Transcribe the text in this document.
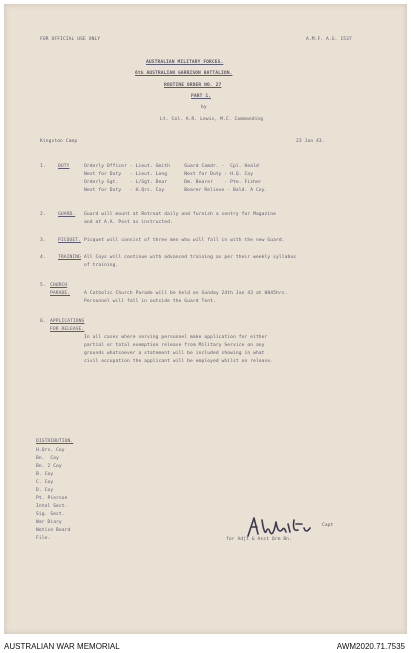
FOR OFFICIAL USE ONLY	A.M.F. A.G. 1537
AUSTRALIAN MILITARY FORCES.
6th AUSTRALIAN GARRISON BATTALION.
ROUTINE ORDER NO. 27
PART 1.
by
Lt. Col. A.R. Lewis, M.C. Commanding
Kingston Camp	23 Jan 43.
1.	DUTY	Orderly Officer - Lieut. Smith     Guard Comdr. -  Cpl. Heald
Next for Duty   - Lieut. Long      Next for Duty - H.Q. Coy
Orderly Sgt.    - L/Sgt. Dear      Dm. Bearer    - Pte. Fisher
Next for Duty   - H.Qrs. Coy       Bearer Relieve - Bald. A Coy.
2.	GUARD. Guard will mount at Retreat daily and furnish a sentry for Magazine
and at A.A. Post as instructed.
3.	PICQUET. Picquet will consist of three men who will fall in with the new Guard.
4.	TRAINING All Coys will continue with advanced training as per their weekly syllabus
of training.
5. CHURCH
PARADE.	A Catholic Church Parade will be held on Sunday 24th Jan 43 at 0845hrs.
Personnel will fall in outside the Guard Tent.
6. APPLICATIONS
FOR RELEASE.
In all cases where serving personnel make application for either
partial or total exemption release from Military Service on any
grounds whatsoever a statement will be included showing in what
civil occupation the applicant will be employed whilst on release.
Capt
for Adjt & Asst Qrm Bn.
DISTRIBUTION.
H.Qrs. Coy
Bn.  Coy
Bn. 2 Coy
B. Coy
C. Coy
D. Coy
Pt. Pierson
Intel Sect.
Sig. Sect.
War Diary
Notice Board
File.
AUSTRALIAN WAR MEMORIAL	AWM2020.71.7535
